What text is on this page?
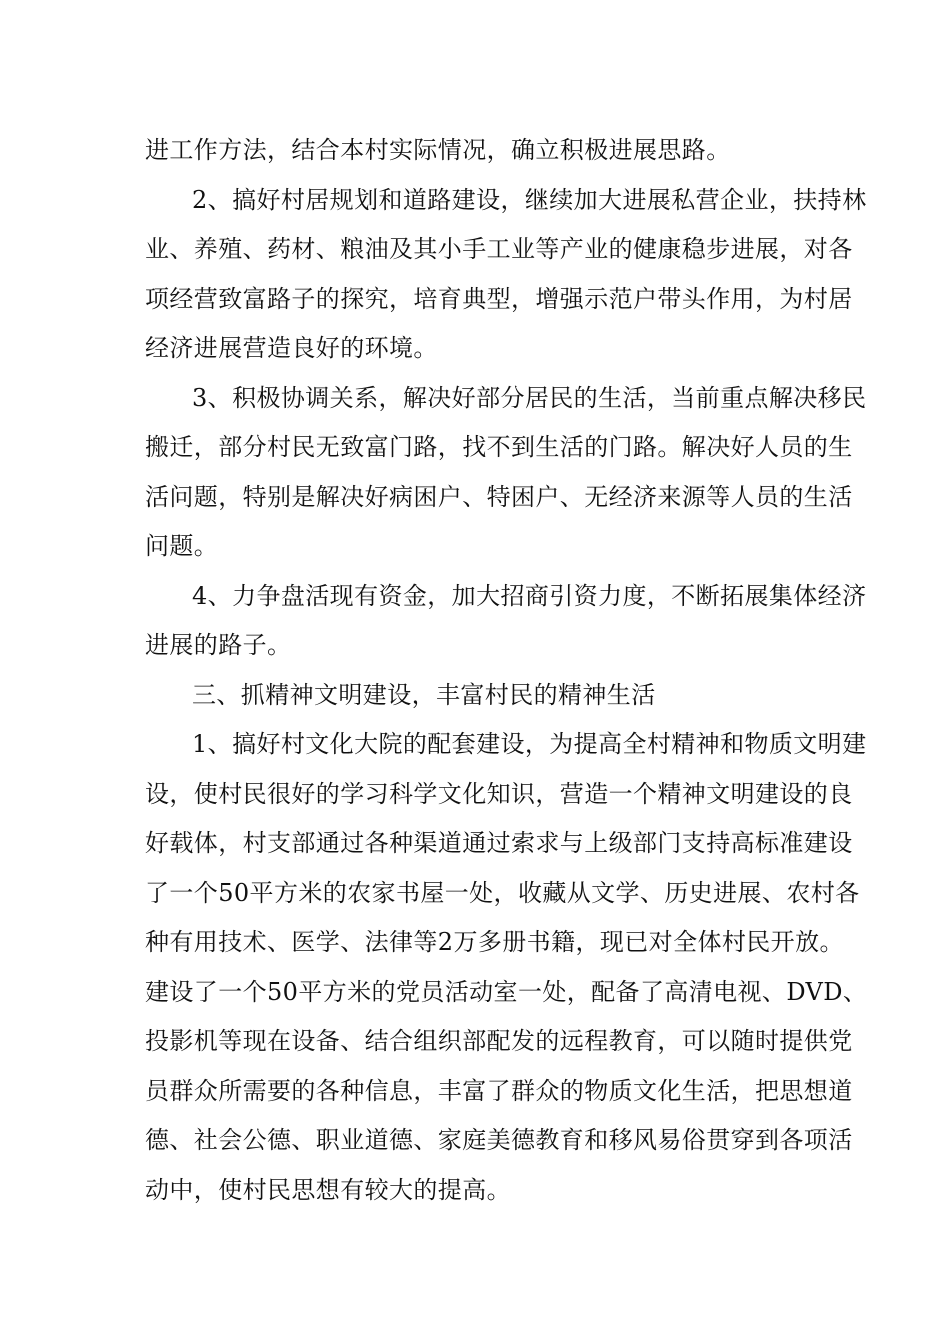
进工作方法，结合本村实际情况，确立积极进展思路。
2、搞好村居规划和道路建设，继续加大进展私营企业，扶持林
业、养殖、药材、粮油及其小手工业等产业的健康稳步进展，对各
项经营致富路子的探究，培育典型，增强示范户带头作用，为村居
经济进展营造良好的环境。
3、积极协调关系，解决好部分居民的生活，当前重点解决移民
搬迁，部分村民无致富门路，找不到生活的门路。解决好人员的生
活问题，特别是解决好病困户、特困户、无经济来源等人员的生活
问题。
4、力争盘活现有资金，加大招商引资力度，不断拓展集体经济
进展的路子。
三、抓精神文明建设，丰富村民的精神生活
1、搞好村文化大院的配套建设，为提高全村精神和物质文明建
设，使村民很好的学习科学文化知识，营造一个精神文明建设的良
好载体，村支部通过各种渠道通过索求与上级部门支持高标准建设
了一个50平方米的农家书屋一处，收藏从文学、历史进展、农村各
种有用技术、医学、法律等2万多册书籍，现已对全体村民开放。
建设了一个50平方米的党员活动室一处，配备了高清电视、DVD、
投影机等现在设备、结合组织部配发的远程教育，可以随时提供党
员群众所需要的各种信息，丰富了群众的物质文化生活，把思想道
德、社会公德、职业道德、家庭美德教育和移风易俗贯穿到各项活
动中，使村民思想有较大的提高。
